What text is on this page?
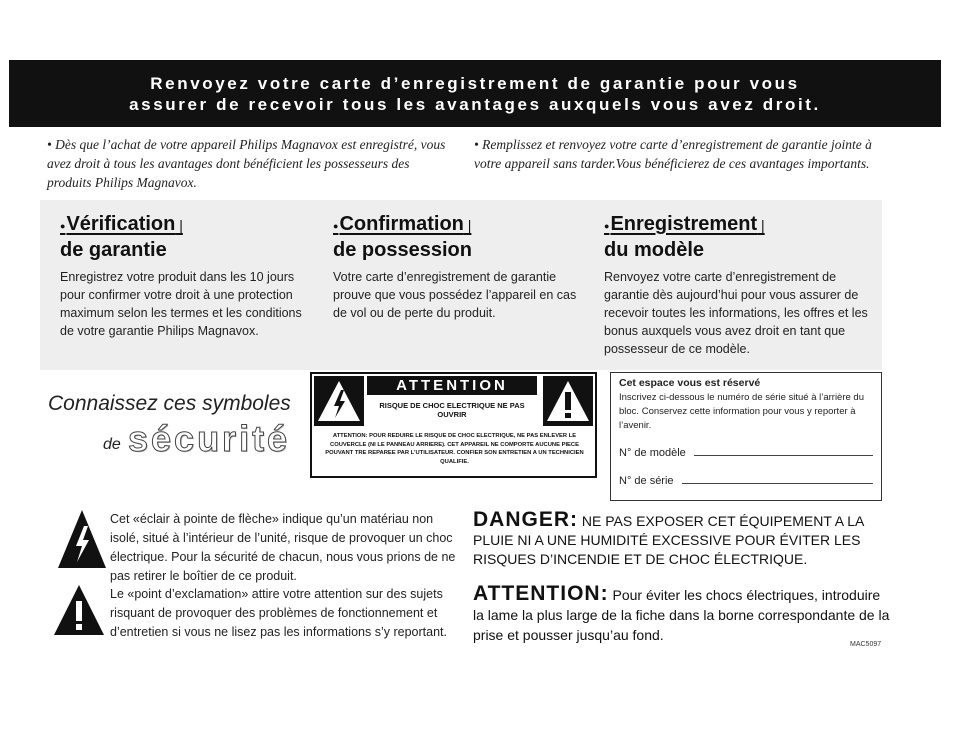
Renvoyez votre carte d’enregistrement de garantie pour vous
assurer de recevoir tous les avantages auxquels vous avez droit.
• Dès que l’achat de votre appareil Philips Magnavox est enregistré, vous avez droit à tous les avantages dont bénéficient les possesseurs des produits Philips Magnavox.
• Remplissez et renvoyez votre carte d’enregistrement de garantie jointe à votre appareil sans tarder.Vous bénéficierez de ces avantages importants.
● Vérification |
de garantie

Enregistrez votre produit dans les 10 jours pour confirmer votre droit à une protection maximum selon les termes et les conditions de votre garantie Philips Magnavox.

● Confirmation |
de possession

Votre carte d’enregistrement de garantie prouve que vous possédez l’appareil en cas de vol ou de perte du produit.

● Enregistrement |
du modèle

Renvoyez votre carte d’enregistrement de garantie dès aujourd’hui pour vous assurer de recevoir toutes les informations, les offres et les bonus auxquels vous avez droit en tant que possesseur de ce modèle.

Connaissez ces symboles
de sécurité
ATTENTION
RISQUE DE CHOC ELECTRIQUE NE PAS OUVRIR
ATTENTION: POUR REDUIRE LE RISQUE DE CHOC ELECTRIQUE, NE PAS ENLEVER LE COUVERCLE (NI LE PANNEAU ARRIERE). CET APPAREIL NE COMPORTE AUCUNE PIECE POUVANT TRE REPAREE PAR L’UTILISATEUR. CONFIER SON ENTRETIEN A UN TECHNICIEN QUALIFIE.
Cet espace vous est réservé
Inscrivez ci-dessous le numéro de série situé à l’arrière du bloc. Conservez cette information pour vous y reporter à l’avenir.
N° de modèle
N° de série
Cet «éclair à pointe de flèche» indique qu’un matériau non isolé, situé à l’intérieur de l’unité, risque de provoquer un choc électrique. Pour la sécurité de chacun, nous vous prions de ne pas retirer le boîtier de ce produit.
Le «point d’exclamation» attire votre attention sur des sujets risquant de provoquer des problèmes de fonctionnement et d’entretien si vous ne lisez pas les informations s’y reportant.
DANGER: NE PAS EXPOSER CET ÉQUIPEMENT A LA PLUIE NI A UNE HUMIDITÉ EXCESSIVE POUR ÉVITER LES RISQUES D’INCENDIE ET DE CHOC ÉLECTRIQUE.
ATTENTION: Pour éviter les chocs électriques, introduire la lame la plus large de la fiche dans la borne correspondante de la prise et pousser jusqu’au fond.
MAC5097
